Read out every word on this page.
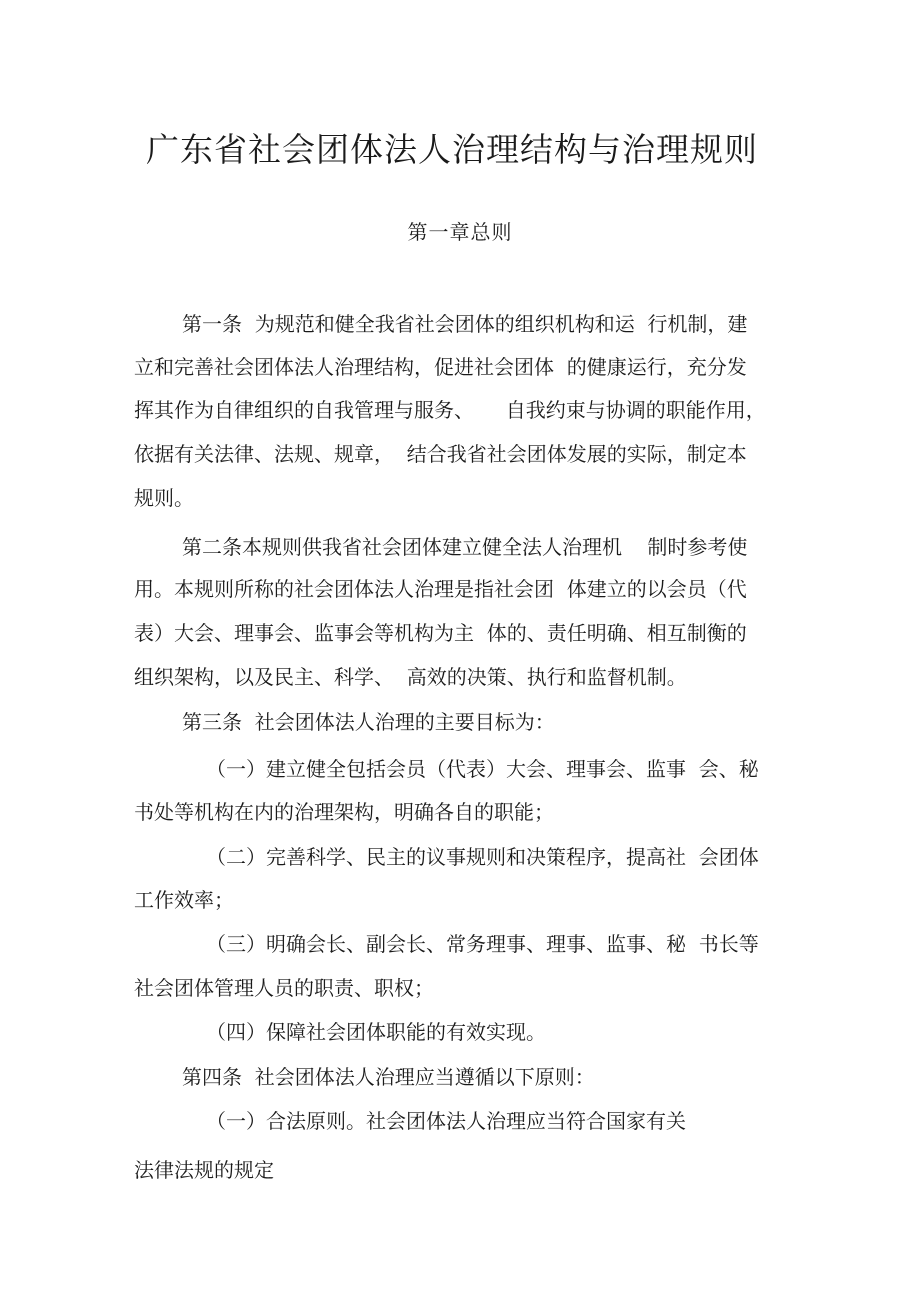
广东省社会团体法人治理结构与治理规则
第一章总则
第一条  为规范和健全我省社会团体的组织机构和运  行机制，建
立和完善社会团体法人治理结构，促进社会团体  的健康运行，充分发
挥其作为自律组织的自我管理与服务、     自我约束与协调的职能作用，
依据有关法律、法规、规章，  结合我省社会团体发展的实际，制定本
规则。
第二条本规则供我省社会团体建立健全法人治理机    制时参考使
用。本规则所称的社会团体法人治理是指社会团  体建立的以会员（代
表）大会、理事会、监事会等机构为主  体的、责任明确、相互制衡的
组织架构，以及民主、科学、  高效的决策、执行和监督机制。
第三条  社会团体法人治理的主要目标为：
（一）建立健全包括会员（代表）大会、理事会、监事  会、秘
书处等机构在内的治理架构，明确各自的职能；
（二）完善科学、民主的议事规则和决策程序，提高社  会团体
工作效率；
（三）明确会长、副会长、常务理事、理事、监事、秘  书长等
社会团体管理人员的职责、职权；
（四）保障社会团体职能的有效实现。
第四条  社会团体法人治理应当遵循以下原则：
（一）合法原则。社会团体法人治理应当符合国家有关
法律法规的规定
